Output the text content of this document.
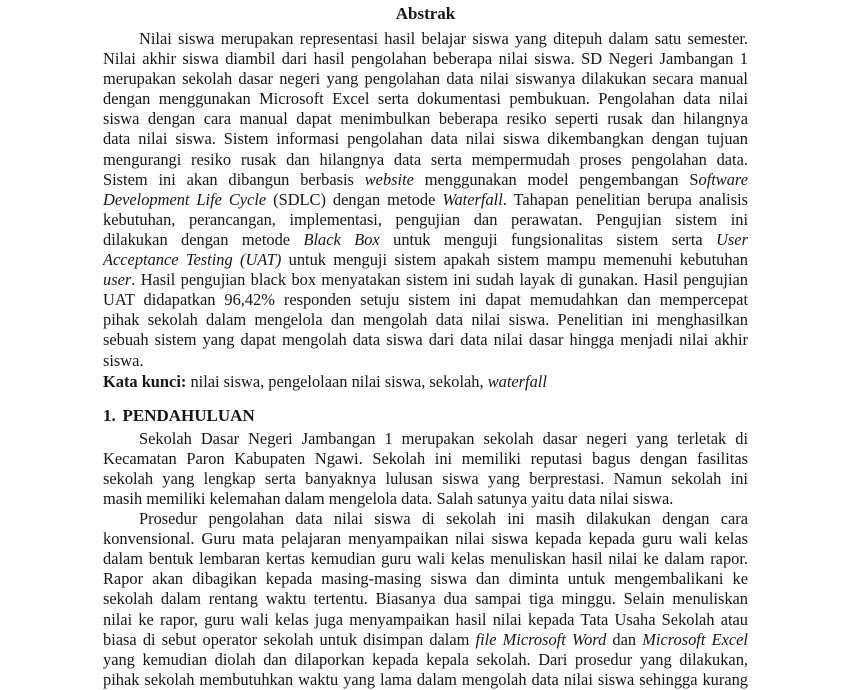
Abstrak
Nilai siswa merupakan representasi hasil belajar siswa yang ditepuh dalam satu semester.
Nilai akhir siswa diambil dari hasil pengolahan beberapa nilai siswa. SD Negeri Jambangan 1
merupakan sekolah dasar negeri yang pengolahan data nilai siswanya dilakukan secara manual
dengan menggunakan Microsoft Excel serta dokumentasi pembukuan. Pengolahan data nilai
siswa dengan cara manual dapat menimbulkan beberapa resiko seperti rusak dan hilangnya
data nilai siswa. Sistem informasi pengolahan data nilai siswa dikembangkan dengan tujuan
mengurangi resiko rusak dan hilangnya data serta mempermudah proses pengolahan data.
Sistem ini akan dibangun berbasis website menggunakan model pengembangan Software
Development Life Cycle (SDLC) dengan metode Waterfall. Tahapan penelitian berupa analisis
kebutuhan, perancangan, implementasi, pengujian dan perawatan. Pengujian sistem ini
dilakukan dengan metode Black Box untuk menguji fungsionalitas sistem serta User
Acceptance Testing (UAT) untuk menguji sistem apakah sistem mampu memenuhi kebutuhan
user. Hasil pengujian black box menyatakan sistem ini sudah layak di gunakan. Hasil pengujian
UAT didapatkan 96,42% responden setuju sistem ini dapat memudahkan dan mempercepat
pihak sekolah dalam mengelola dan mengolah data nilai siswa. Penelitian ini menghasilkan
sebuah sistem yang dapat mengolah data siswa dari data nilai dasar hingga menjadi nilai akhir
siswa.
Kata kunci: nilai siswa, pengelolaan nilai siswa, sekolah, waterfall
1. PENDAHULUAN
Sekolah Dasar Negeri Jambangan 1 merupakan sekolah dasar negeri yang terletak di
Kecamatan Paron Kabupaten Ngawi. Sekolah ini memiliki reputasi bagus dengan fasilitas
sekolah yang lengkap serta banyaknya lulusan siswa yang berprestasi. Namun sekolah ini
masih memiliki kelemahan dalam mengelola data. Salah satunya yaitu data nilai siswa.
Prosedur pengolahan data nilai siswa di sekolah ini masih dilakukan dengan cara
konvensional. Guru mata pelajaran menyampaikan nilai siswa kepada kepada guru wali kelas
dalam bentuk lembaran kertas kemudian guru wali kelas menuliskan hasil nilai ke dalam rapor.
Rapor akan dibagikan kepada masing-masing siswa dan diminta untuk mengembalikani ke
sekolah dalam rentang waktu tertentu. Biasanya dua sampai tiga minggu. Selain menuliskan
nilai ke rapor, guru wali kelas juga menyampaikan hasil nilai kepada Tata Usaha Sekolah atau
biasa di sebut operator sekolah untuk disimpan dalam file Microsoft Word dan Microsoft Excel
yang kemudian diolah dan dilaporkan kepada kepala sekolah. Dari prosedur yang dilakukan,
pihak sekolah membutuhkan waktu yang lama dalam mengolah data nilai siswa sehingga kurang
